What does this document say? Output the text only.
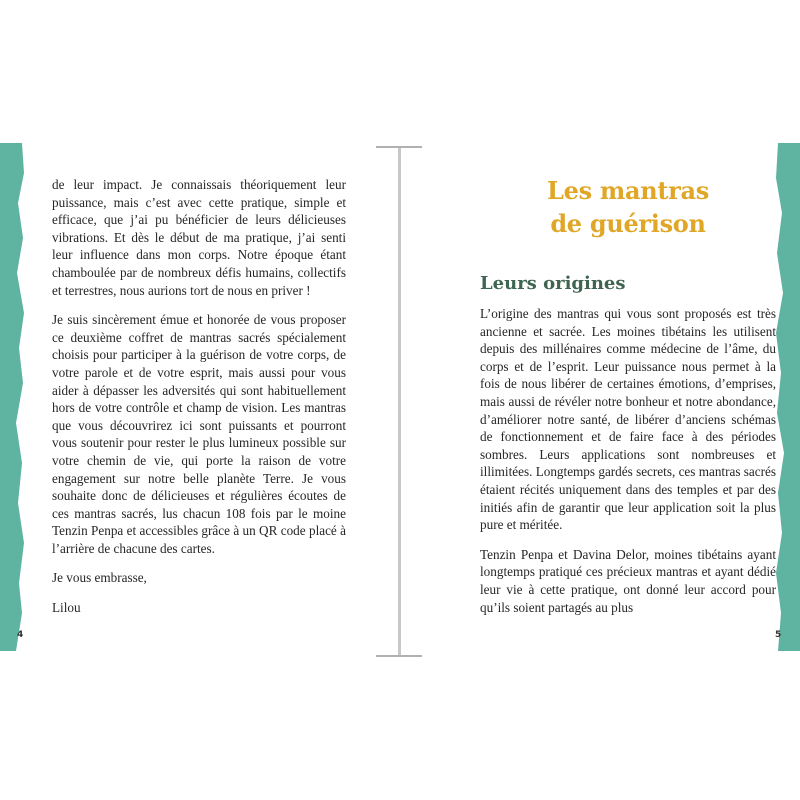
de leur impact. Je connaissais théoriquement leur puissance, mais c’est avec cette pratique, simple et efficace, que j’ai pu bénéficier de leurs délicieuses vibrations. Et dès le début de ma pratique, j’ai senti leur influence dans mon corps. Notre époque étant chamboulée par de nombreux défis humains, collectifs et terrestres, nous aurions tort de nous en priver !

Je suis sincèrement émue et honorée de vous proposer ce deuxième coffret de mantras sacrés spécialement choisis pour participer à la guérison de votre corps, de votre parole et de votre esprit, mais aussi pour vous aider à dépasser les adversités qui sont habituellement hors de votre contrôle et champ de vision. Les mantras que vous découvrirez ici sont puissants et pourront vous soutenir pour rester le plus lumineux possible sur votre chemin de vie, qui porte la raison de votre engagement sur notre belle planète Terre. Je vous souhaite donc de délicieuses et régulières écoutes de ces mantras sacrés, lus chacun 108 fois par le moine Tenzin Penpa et accessibles grâce à un QR code placé à l’arrière de chacune des cartes.

Je vous embrasse,

Lilou

Les mantras
de guérison
Leurs origines

L’origine des mantras qui vous sont proposés est très ancienne et sacrée. Les moines tibétains les utilisent depuis des millénaires comme médecine de l’âme, du corps et de l’esprit. Leur puissance nous permet à la fois de nous libérer de certaines émotions, d’emprises, mais aussi de révéler notre bonheur et notre abondance, d’améliorer notre santé, de libérer d’anciens schémas de fonctionnement et de faire face à des périodes sombres. Leurs applications sont nombreuses et illimitées. Longtemps gardés secrets, ces mantras sacrés étaient récités uniquement dans des temples et par des initiés afin de garantir que leur application soit la plus pure et méritée.

Tenzin Penpa et Davina Delor, moines tibétains ayant longtemps pratiqué ces précieux mantras et ayant dédié leur vie à cette pratique, ont donné leur accord pour qu’ils soient partagés au plus

4	5
